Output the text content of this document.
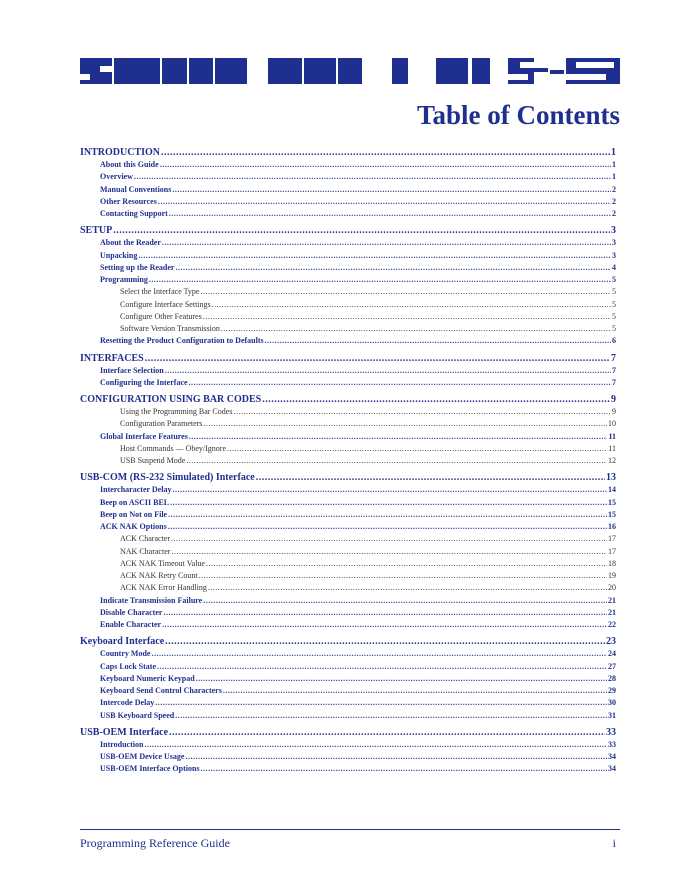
Table of Contents
INTRODUCTION .....	1
About this Guide .....	1
Overview .....	1
Manual Conventions .....	2
Other Resources .....	2
Contacting Support .....	2
SETUP .....	3
About the Reader .....	3
Unpacking .....	3
Setting up the Reader .....	4
Programming .....	5
Select the Interface Type .....	5
Configure Interface Settings .....	5
Configure Other Features .....	5
Software Version Transmission .....	5
Resetting the Product Configuration to Defaults .....	6
INTERFACES .....	7
Interface Selection .....	7
Configuring the Interface .....	7
CONFIGURATION USING BAR CODES .....	9
Using the Programming Bar Codes .....	9
Configuration Parameters .....	10
Global Interface Features .....	11
Host Commands — Obey/Ignore .....	11
USB Suspend Mode .....	12
USB-COM (RS-232 Simulated) Interface .....	13
Intercharacter Delay .....	14
Beep on ASCII BEL .....	15
Beep on Not on File .....	15
ACK NAK Options .....	16
ACK Character .....	17
NAK Character .....	17
ACK NAK Timeout Value .....	18
ACK NAK Retry Count .....	19
ACK NAK Error Handling .....	20
Indicate Transmission Failure .....	21
Disable Character .....	21
Enable Character .....	22
Keyboard Interface .....	23
Country Mode .....	24
Caps Lock State .....	27
Keyboard Numeric Keypad .....	28
Keyboard Send Control Characters .....	29
Intercode Delay .....	30
USB Keyboard Speed .....	31
USB-OEM Interface .....	33
Introduction .....	33
USB-OEM Device Usage .....	34
USB-OEM Interface Options .....	34
Programming Reference Guide	i
